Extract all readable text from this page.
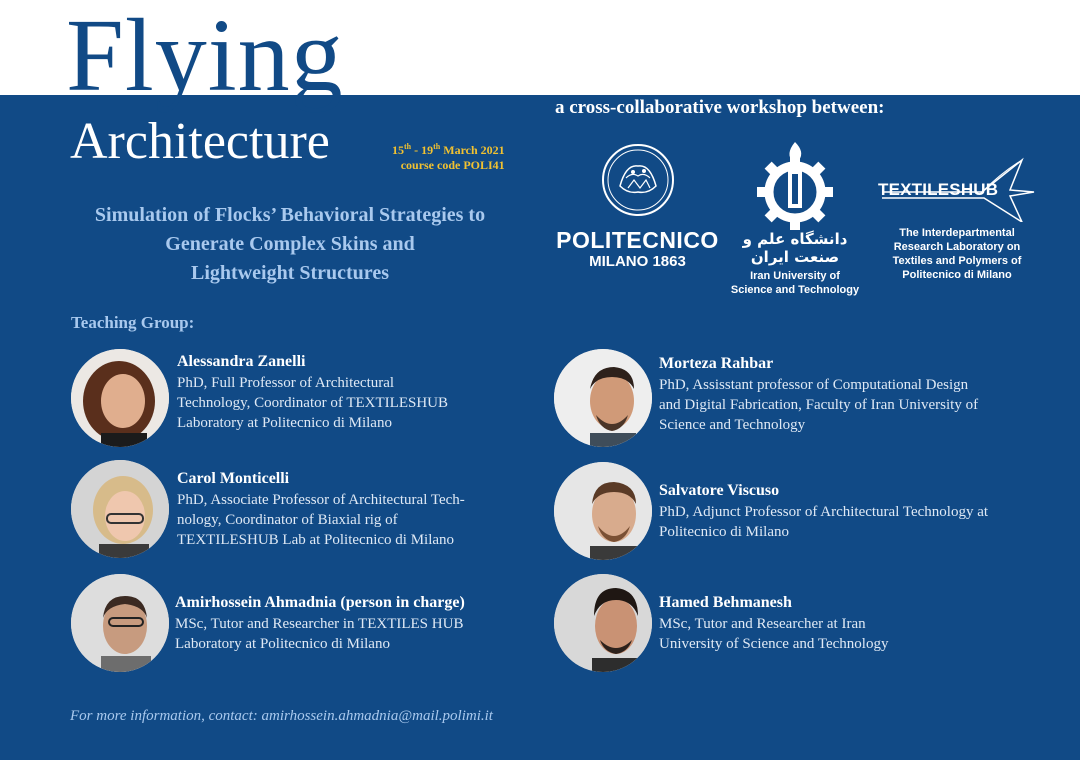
Flying
Architecture	15th - 19th March 2021
course code POLI41
Simulation of Flocks’ Behavioral Strategies to
Generate Complex Skins and
Lightweight Structures
a cross-collaborative workshop between:
POLITECNICO
MILANO 1863
دانشگاه علم و صنعت ایران
Iran University of
Science and Technology
TEXTILESHUB
The Interdepartmental
Research Laboratory on
Textiles and Polymers of
Politecnico di Milano
Teaching Group:
Alessandra Zanelli
PhD, Full Professor of Architectural
Technology, Coordinator of TEXTILESHUB
Laboratory at Politecnico di Milano
Carol Monticelli
PhD, Associate Professor of Architectural Tech-
nology, Coordinator of Biaxial rig of
TEXTILESHUB Lab at Politecnico di Milano
Amirhossein Ahmadnia (person in charge)
MSc, Tutor and Researcher in TEXTILES HUB
Laboratory at Politecnico di Milano
Morteza Rahbar
PhD, Assisstant professor of Computational Design
and Digital Fabrication, Faculty of Iran University of
Science and Technology
Salvatore Viscuso
PhD, Adjunct Professor of Architectural Technology at
Politecnico di Milano
Hamed Behmanesh
MSc, Tutor and Researcher at Iran
University of Science and Technology
For more information, contact: amirhossein.ahmadnia@mail.polimi.it
